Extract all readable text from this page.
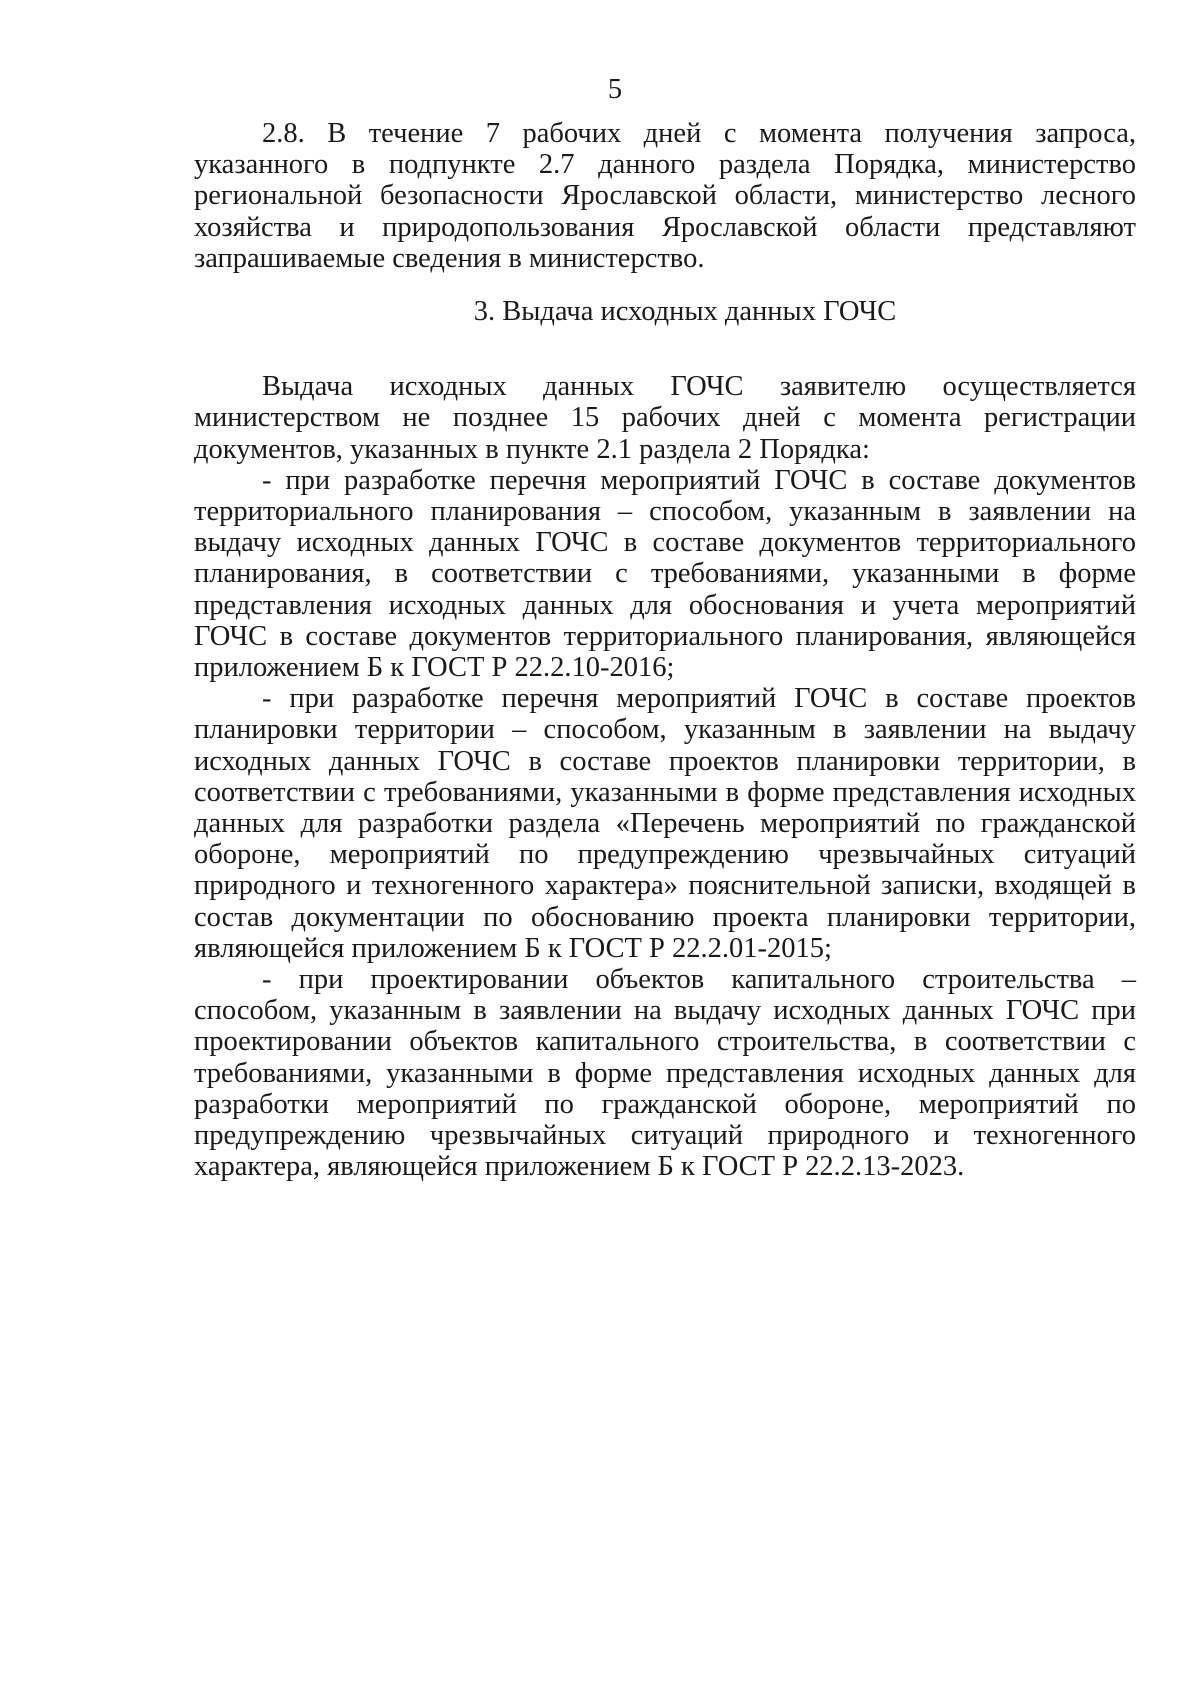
5

2.8. В течение 7 рабочих дней с момента получения запроса, указанного в подпункте 2.7 данного раздела Порядка, министерство региональной безопасности Ярославской области, министерство лесного хозяйства и природопользования Ярославской области представляют запрашиваемые сведения в министерство.

3. Выдача исходных данных ГОЧС

Выдача исходных данных ГОЧС заявителю осуществляется министерством не позднее 15 рабочих дней с момента регистрации документов, указанных в пункте 2.1 раздела 2 Порядка:

- при разработке перечня мероприятий ГОЧС в составе документов территориального планирования – способом, указанным в заявлении на выдачу исходных данных ГОЧС в составе документов территориального планирования, в соответствии с требованиями, указанными в форме представления исходных данных для обоснования и учета мероприятий ГОЧС в составе документов территориального планирования, являющейся приложением Б к ГОСТ Р 22.2.10-2016;

- при разработке перечня мероприятий ГОЧС в составе проектов планировки территории – способом, указанным в заявлении на выдачу исходных данных ГОЧС в составе проектов планировки территории, в соответствии с требованиями, указанными в форме представления исходных данных для разработки раздела «Перечень мероприятий по гражданской обороне, мероприятий по предупреждению чрезвычайных ситуаций природного и техногенного характера» пояснительной записки, входящей в состав документации по обоснованию проекта планировки территории, являющейся приложением Б к ГОСТ Р 22.2.01-2015;

- при проектировании объектов капитального строительства – способом, указанным в заявлении на выдачу исходных данных ГОЧС при проектировании объектов капитального строительства, в соответствии с требованиями, указанными в форме представления исходных данных для разработки мероприятий по гражданской обороне, мероприятий по предупреждению чрезвычайных ситуаций природного и техногенного характера, являющейся приложением Б к ГОСТ Р 22.2.13-2023.
